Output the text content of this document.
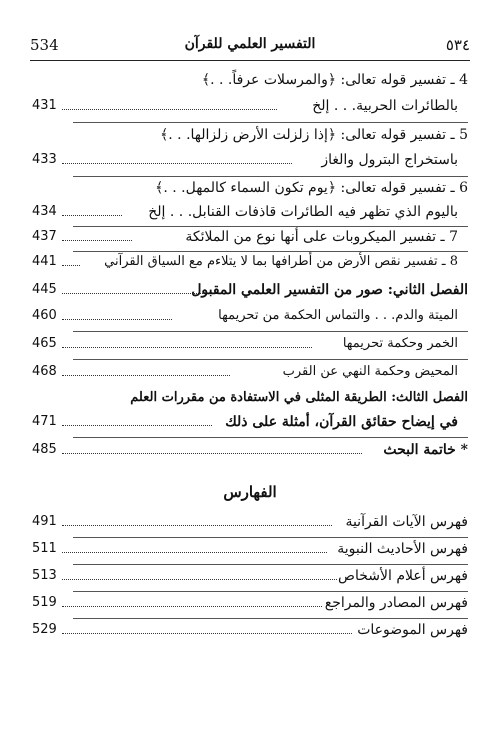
534	التفسير العلمي للقرآن	٥٣٤
4 ـ تفسير قوله تعالى: ﴿والمرسلات عرفاً. . .﴾
431	بالطائرات الحربية. . . إلخ
5 ـ تفسير قوله تعالى: ﴿إذا زلزلت الأرض زلزالها. . .﴾
433	باستخراج البترول والغاز
6 ـ تفسير قوله تعالى: ﴿يوم تكون السماء كالمهل. . .﴾
434	باليوم الذي تظهر فيه الطائرات قاذفات القنابل. . . إلخ
437	7 ـ تفسير الميكروبات على أنها نوع من الملائكة
441	8 ـ تفسير نقص الأرض من أطرافها بما لا يتلاءم مع السياق القرآني
445	الفصل الثاني: صور من التفسير العلمي المقبول
460	الميتة والدم. . . والتماس الحكمة من تحريمها
465	الخمر وحكمة تحريمها
468	المحيض وحكمة النهي عن القرب
الفصل الثالث: الطريقة المثلى في الاستفادة من مقررات العلم
471	في إيضاح حقائق القرآن، أمثلة على ذلك
485	* خاتمة البحث
الفهارس
491	فهرس الآيات القرآنية
511	فهرس الأحاديث النبوية
513	فهرس أعلام الأشخاص
519	فهرس المصادر والمراجع
529	فهرس الموضوعات
